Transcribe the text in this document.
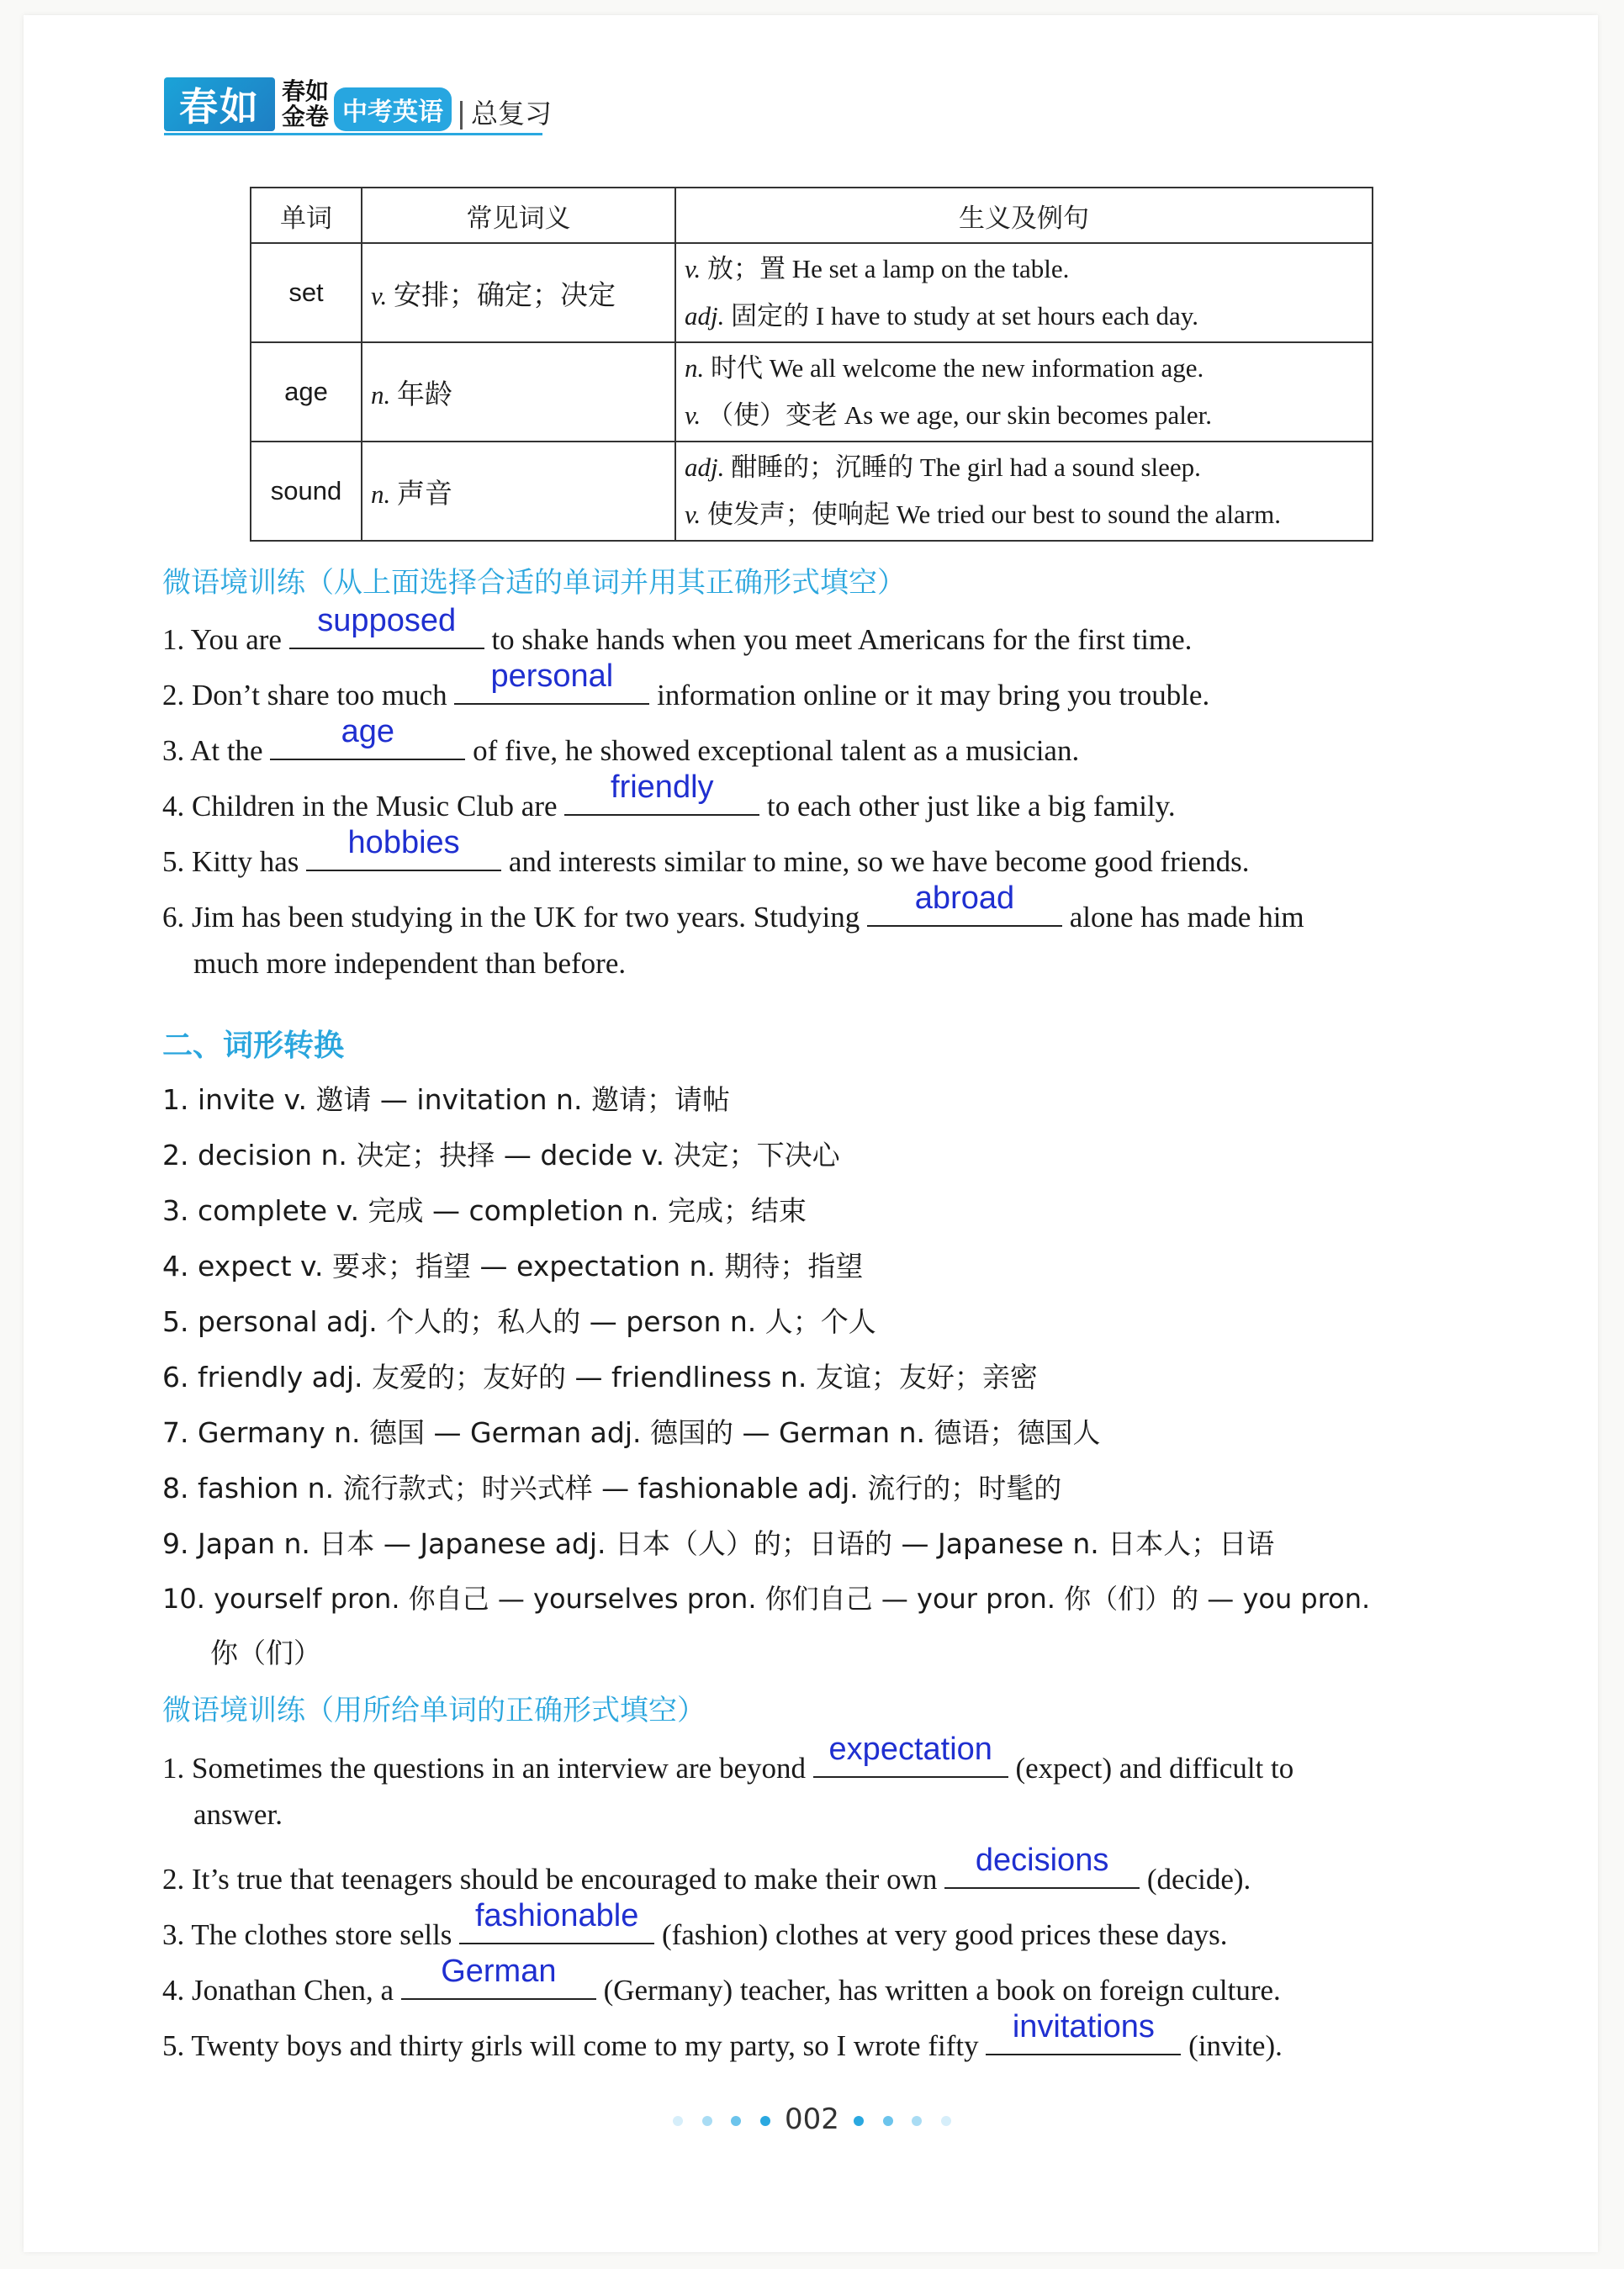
春如 春如
金卷 中考英语	总复习
单词	常见词义	生义及例句
set	v. 安排；确定；决定	v. 放；置 He set a lamp on the table.
adj. 固定的 I have to study at set hours each day.

age	n. 年龄	n. 时代 We all welcome the new information age.
v. （使）变老 As we age, our skin becomes paler.

sound	n. 声音	adj. 酣睡的；沉睡的 The girl had a sound sleep.
v. 使发声；使响起 We tried our best to sound the alarm.
微语境训练（从上面选择合适的单词并用其正确形式填空）
1. You are
supposed
to shake hands when you meet Americans for the first time.
2. Don’t share too much
personal
information online or it may bring you trouble.
3. At the
age
of five, he showed exceptional talent as a musician.
4. Children in the Music Club are
friendly
to each other just like a big family.
5. Kitty has
hobbies
and interests similar to mine, so we have become good friends.
6. Jim has been studying in the UK for two years. Studying
abroad
alone has made him
much more independent than before.
二、词形转换
1. invite v. 邀请 — invitation n. 邀请；请帖
2. decision n. 决定；抉择 — decide v. 决定；下决心
3. complete v. 完成 — completion n. 完成；结束
4. expect v. 要求；指望 — expectation n. 期待；指望
5. personal adj. 个人的；私人的 — person n. 人；个人
6. friendly adj. 友爱的；友好的 — friendliness n. 友谊；友好；亲密
7. Germany n. 德国 — German adj. 德国的 — German n. 德语；德国人
8. fashion n. 流行款式；时兴式样 — fashionable adj. 流行的；时髦的
9. Japan n. 日本 — Japanese adj. 日本（人）的；日语的 — Japanese n. 日本人；日语
10. yourself pron. 你自己 — yourselves pron. 你们自己 — your pron. 你（们）的 — you pron.
你（们）
微语境训练（用所给单词的正确形式填空）
1. Sometimes the questions in an interview are beyond
expectation
(expect) and difficult to
answer.
2. It’s true that teenagers should be encouraged to make their own
decisions
(decide).
3. The clothes store sells
fashionable
(fashion) clothes at very good prices these days.
4. Jonathan Chen, a
German
(Germany) teacher, has written a book on foreign culture.
5. Twenty boys and thirty girls will come to my party, so I wrote fifty
invitations
(invite).
002
